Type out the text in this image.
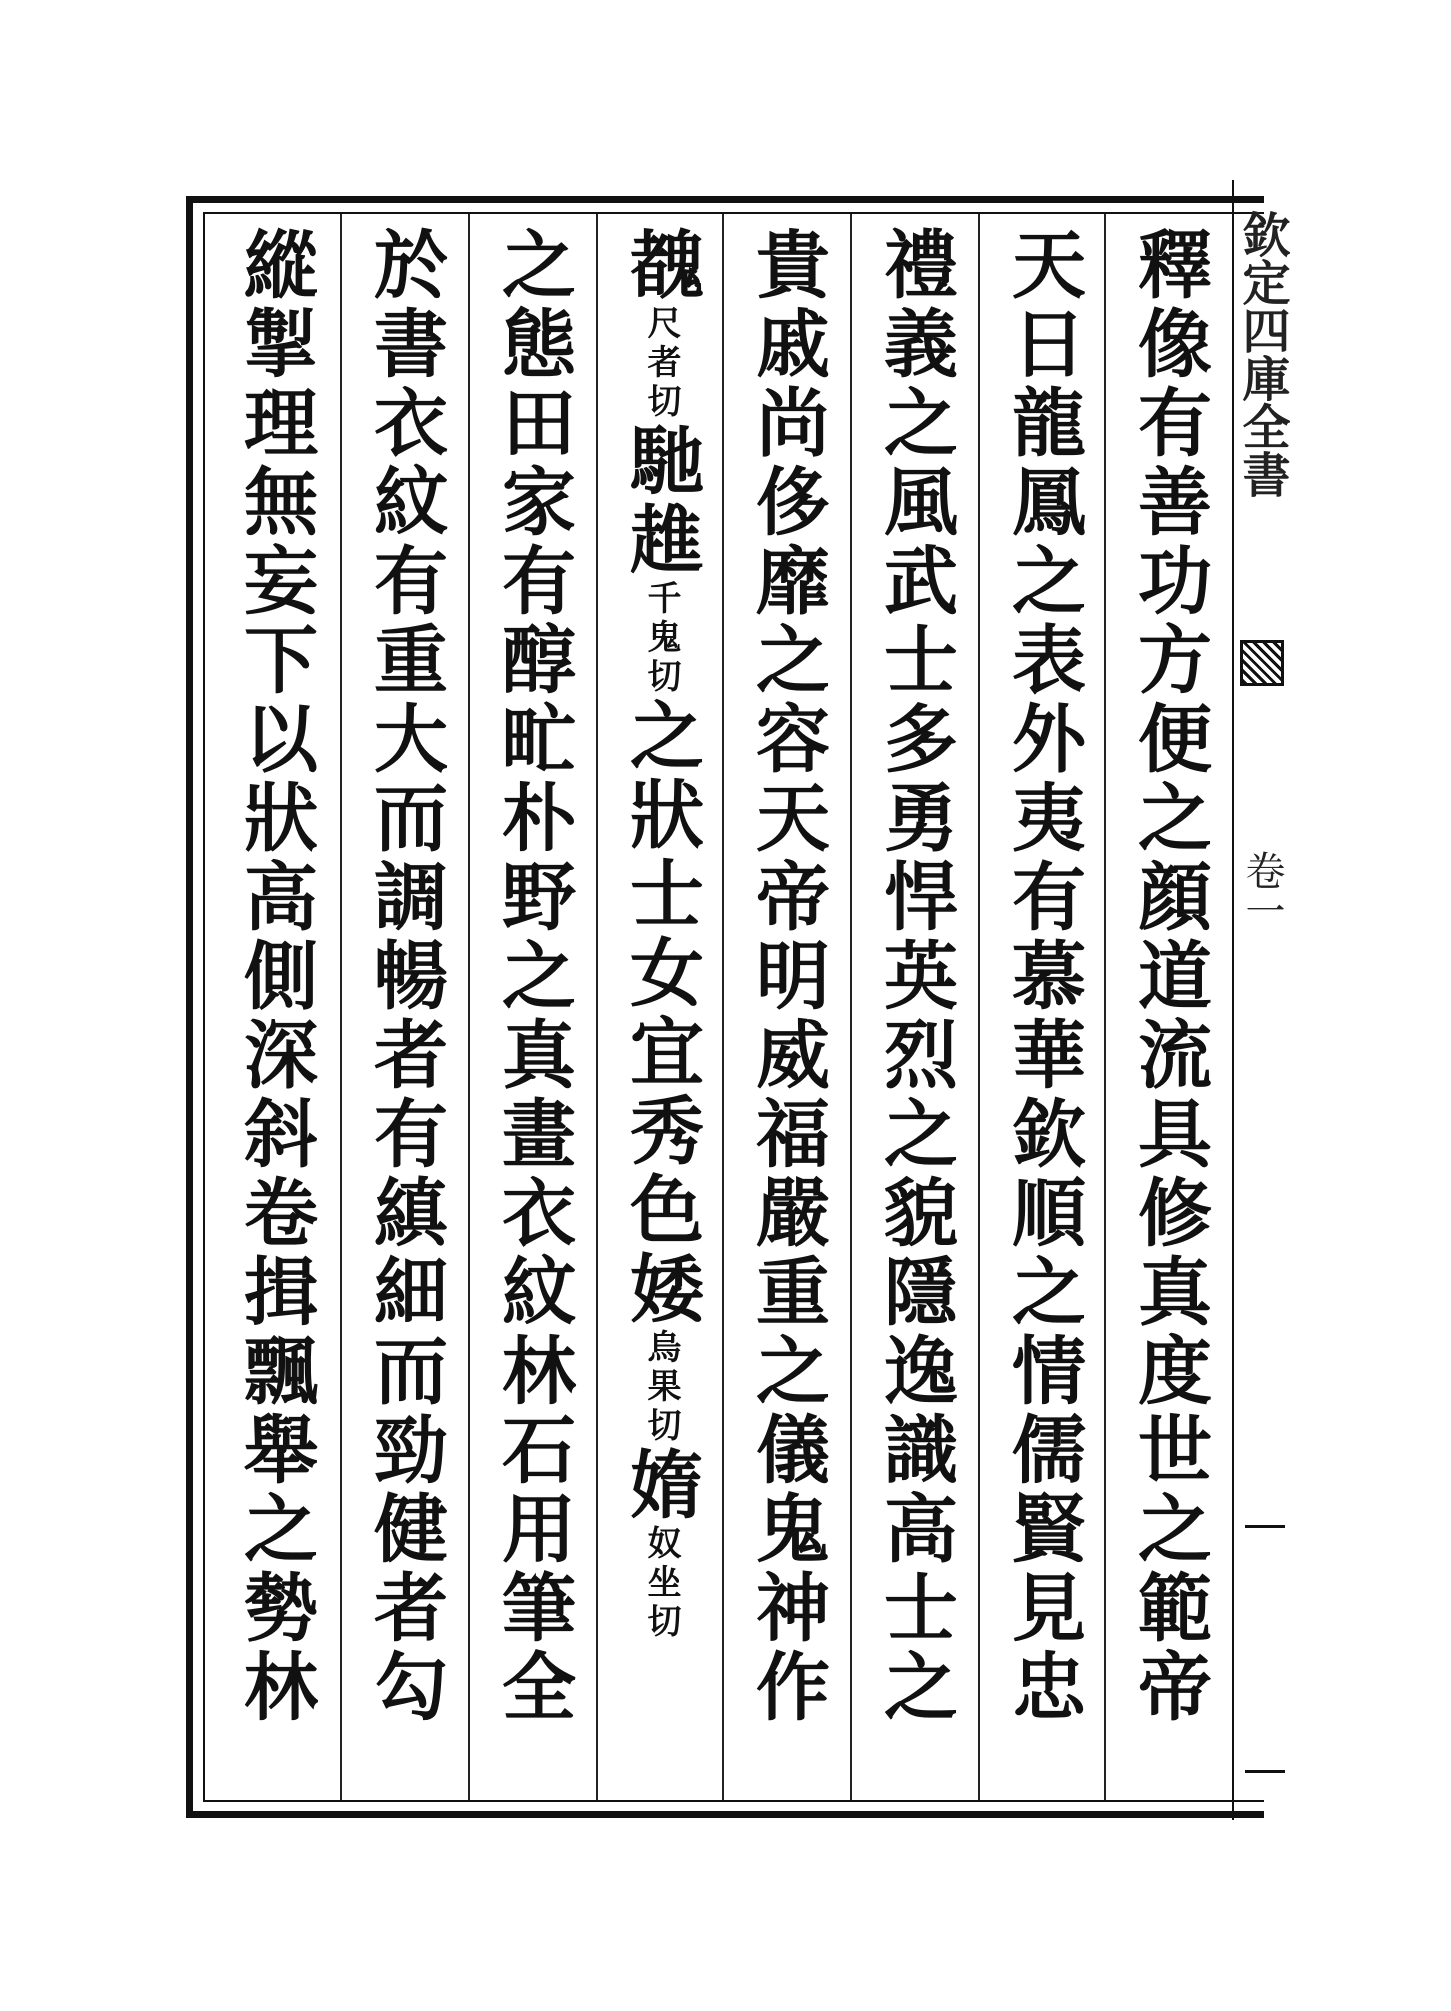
欽定四庫全書
卷一
釋像有善功方便之顔道流具修真度世之範帝
天日龍鳳之表外夷有慕華欽順之情儒賢見忠
禮義之風武士多勇悍英烈之貌隱逸識高士之
貴戚尚侈靡之容天帝明威福嚴重之儀鬼神作
䰩尺者切馳趡千鬼切之狀士女宜秀色婑烏果切媠奴坐切
之態田家有醇甿朴野之真畫衣紋林石用筆全
於書衣紋有重大而調暢者有縝細而勁健者勾
縱掣理無妄下以狀高側深斜卷揖飄舉之勢林
